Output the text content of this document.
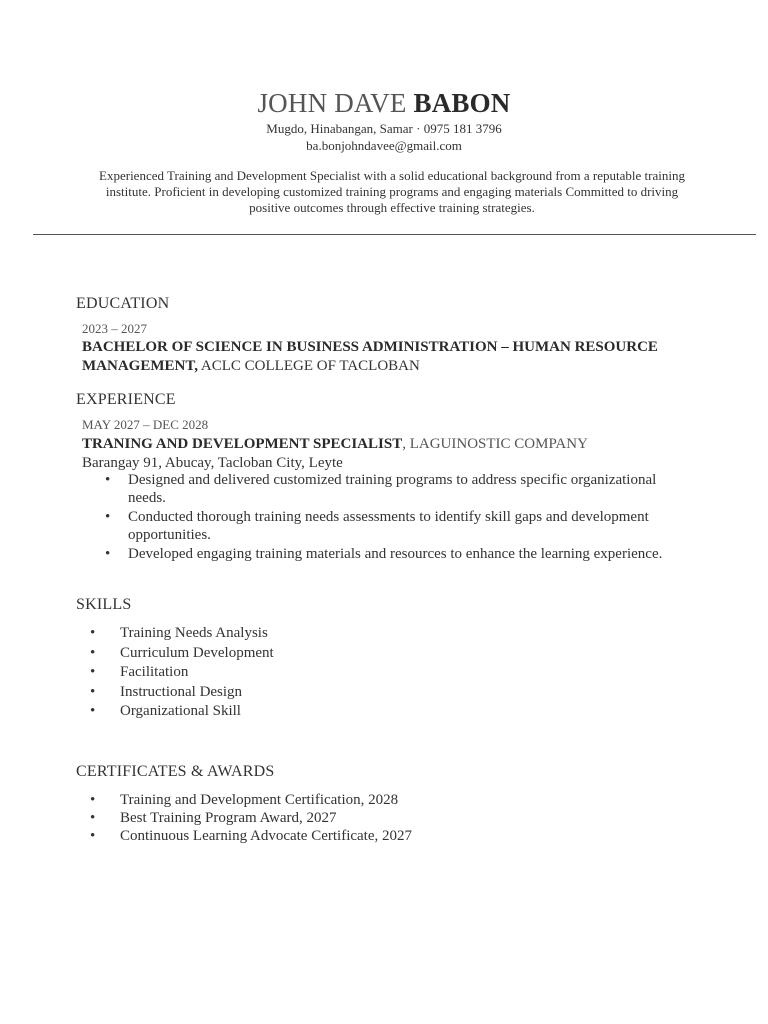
JOHN DAVE BABON
Mugdo, Hinabangan, Samar · 0975 181 3796
ba.bonjohndavee@gmail.com
Experienced Training and Development Specialist with a solid educational background from a reputable training institute. Proficient in developing customized training programs and engaging materials Committed to driving positive outcomes through effective training strategies.
EDUCATION
2023 – 2027
BACHELOR OF SCIENCE IN BUSINESS ADMINISTRATION – HUMAN RESOURCE
MANAGEMENT, ACLC COLLEGE OF TACLOBAN
EXPERIENCE
MAY 2027 – DEC 2028
TRANING AND DEVELOPMENT SPECIALIST, LAGUINOSTIC COMPANY
Barangay 91, Abucay, Tacloban City, Leyte
• Designed and delivered customized training programs to address specific organizational needs.
• Conducted thorough training needs assessments to identify skill gaps and development opportunities.
• Developed engaging training materials and resources to enhance the learning experience.
SKILLS
• Training Needs Analysis
• Curriculum Development
• Facilitation
• Instructional Design
• Organizational Skill
CERTIFICATES & AWARDS
• Training and Development Certification, 2028
• Best Training Program Award, 2027
• Continuous Learning Advocate Certificate, 2027
